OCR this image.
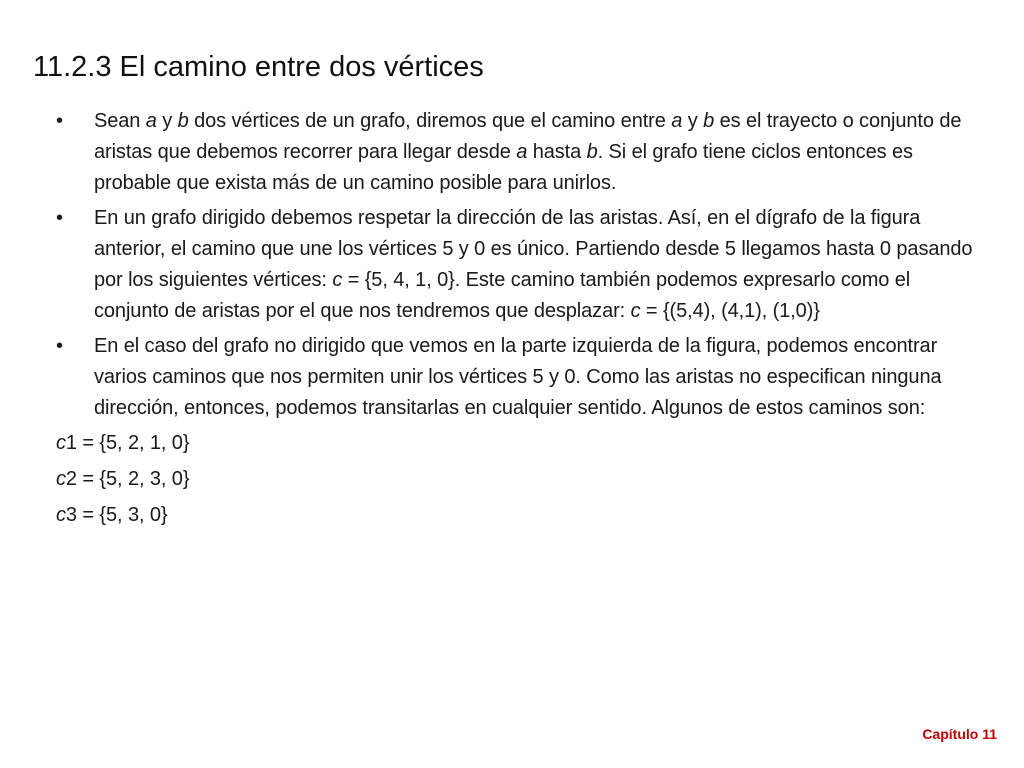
11.2.3 El camino entre dos vértices
•	Sean a y b dos vértices de un grafo, diremos que el camino entre a y b es el trayecto o conjunto de aristas que debemos recorrer para llegar desde a hasta b. Si el grafo tiene ciclos entonces es probable que exista más de un camino posible para unirlos.
•	En un grafo dirigido debemos respetar la dirección de las aristas. Así, en el dígrafo de la figura anterior, el camino que une los vértices 5 y 0 es único. Partiendo desde 5 llegamos hasta 0 pasando por los siguientes vértices: c = {5, 4, 1, 0}. Este camino también podemos expresarlo como el conjunto de aristas por el que nos tendremos que desplazar: c = {(5,4), (4,1), (1,0)}
•	En el caso del grafo no dirigido que vemos en la parte izquierda de la figura, podemos encontrar varios caminos que nos permiten unir los vértices 5 y 0. Como las aristas no especifican ninguna dirección, entonces, podemos transitarlas en cualquier sentido. Algunos de estos caminos son:
c1 = {5, 2, 1, 0}
c2 = {5, 2, 3, 0}
c3 = {5, 3, 0}
Capítulo 11
